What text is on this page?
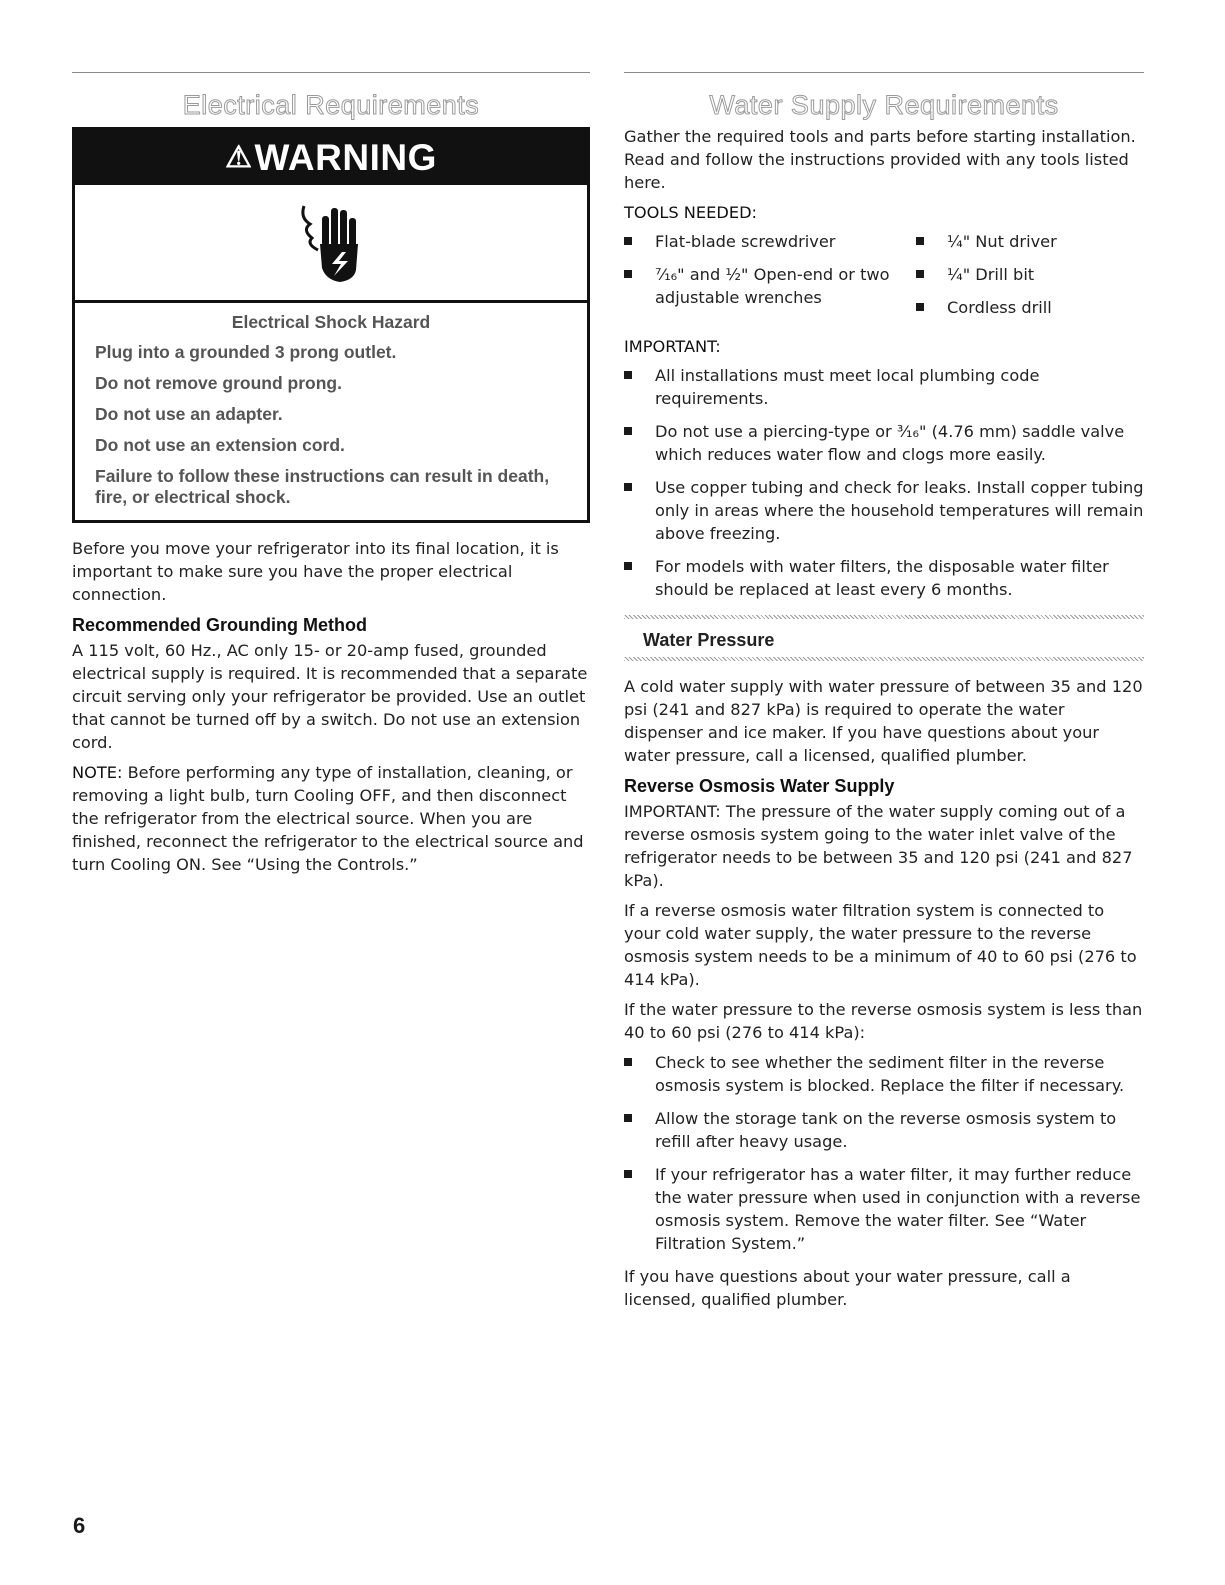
Electrical Requirements
⚠ WARNING
Electrical Shock Hazard
Plug into a grounded 3 prong outlet.
Do not remove ground prong.
Do not use an adapter.
Do not use an extension cord.
Failure to follow these instructions can result in death, fire, or electrical shock.

Before you move your refrigerator into its final location, it is important to make sure you have the proper electrical connection.

Recommended Grounding Method

A 115 volt, 60 Hz., AC only 15- or 20-amp fused, grounded electrical supply is required. It is recommended that a separate circuit serving only your refrigerator be provided. Use an outlet that cannot be turned off by a switch. Do not use an extension cord.

NOTE: Before performing any type of installation, cleaning, or removing a light bulb, turn Cooling OFF, and then disconnect the refrigerator from the electrical source. When you are finished, reconnect the refrigerator to the electrical source and turn Cooling ON. See “Using the Controls.”

Water Supply Requirements

Gather the required tools and parts before starting installation. Read and follow the instructions provided with any tools listed here.

TOOLS NEEDED:
Flat-blade screwdriver
⁷⁄₁₆" and ½" Open-end or two adjustable wrenches
¼" Nut driver
¼" Drill bit
Cordless drill
IMPORTANT:
All installations must meet local plumbing code requirements.
Do not use a piercing-type or ³⁄₁₆" (4.76 mm) saddle valve which reduces water flow and clogs more easily.
Use copper tubing and check for leaks. Install copper tubing only in areas where the household temperatures will remain above freezing.
For models with water filters, the disposable water filter should be replaced at least every 6 months.
Water Pressure

A cold water supply with water pressure of between 35 and 120 psi (241 and 827 kPa) is required to operate the water dispenser and ice maker. If you have questions about your water pressure, call a licensed, qualified plumber.

Reverse Osmosis Water Supply

IMPORTANT: The pressure of the water supply coming out of a reverse osmosis system going to the water inlet valve of the refrigerator needs to be between 35 and 120 psi (241 and 827 kPa).

If a reverse osmosis water filtration system is connected to your cold water supply, the water pressure to the reverse osmosis system needs to be a minimum of 40 to 60 psi (276 to 414 kPa).

If the water pressure to the reverse osmosis system is less than 40 to 60 psi (276 to 414 kPa):

Check to see whether the sediment filter in the reverse osmosis system is blocked. Replace the filter if necessary.
Allow the storage tank on the reverse osmosis system to refill after heavy usage.
If your refrigerator has a water filter, it may further reduce the water pressure when used in conjunction with a reverse osmosis system. Remove the water filter. See “Water Filtration System.”

If you have questions about your water pressure, call a licensed, qualified plumber.

6
